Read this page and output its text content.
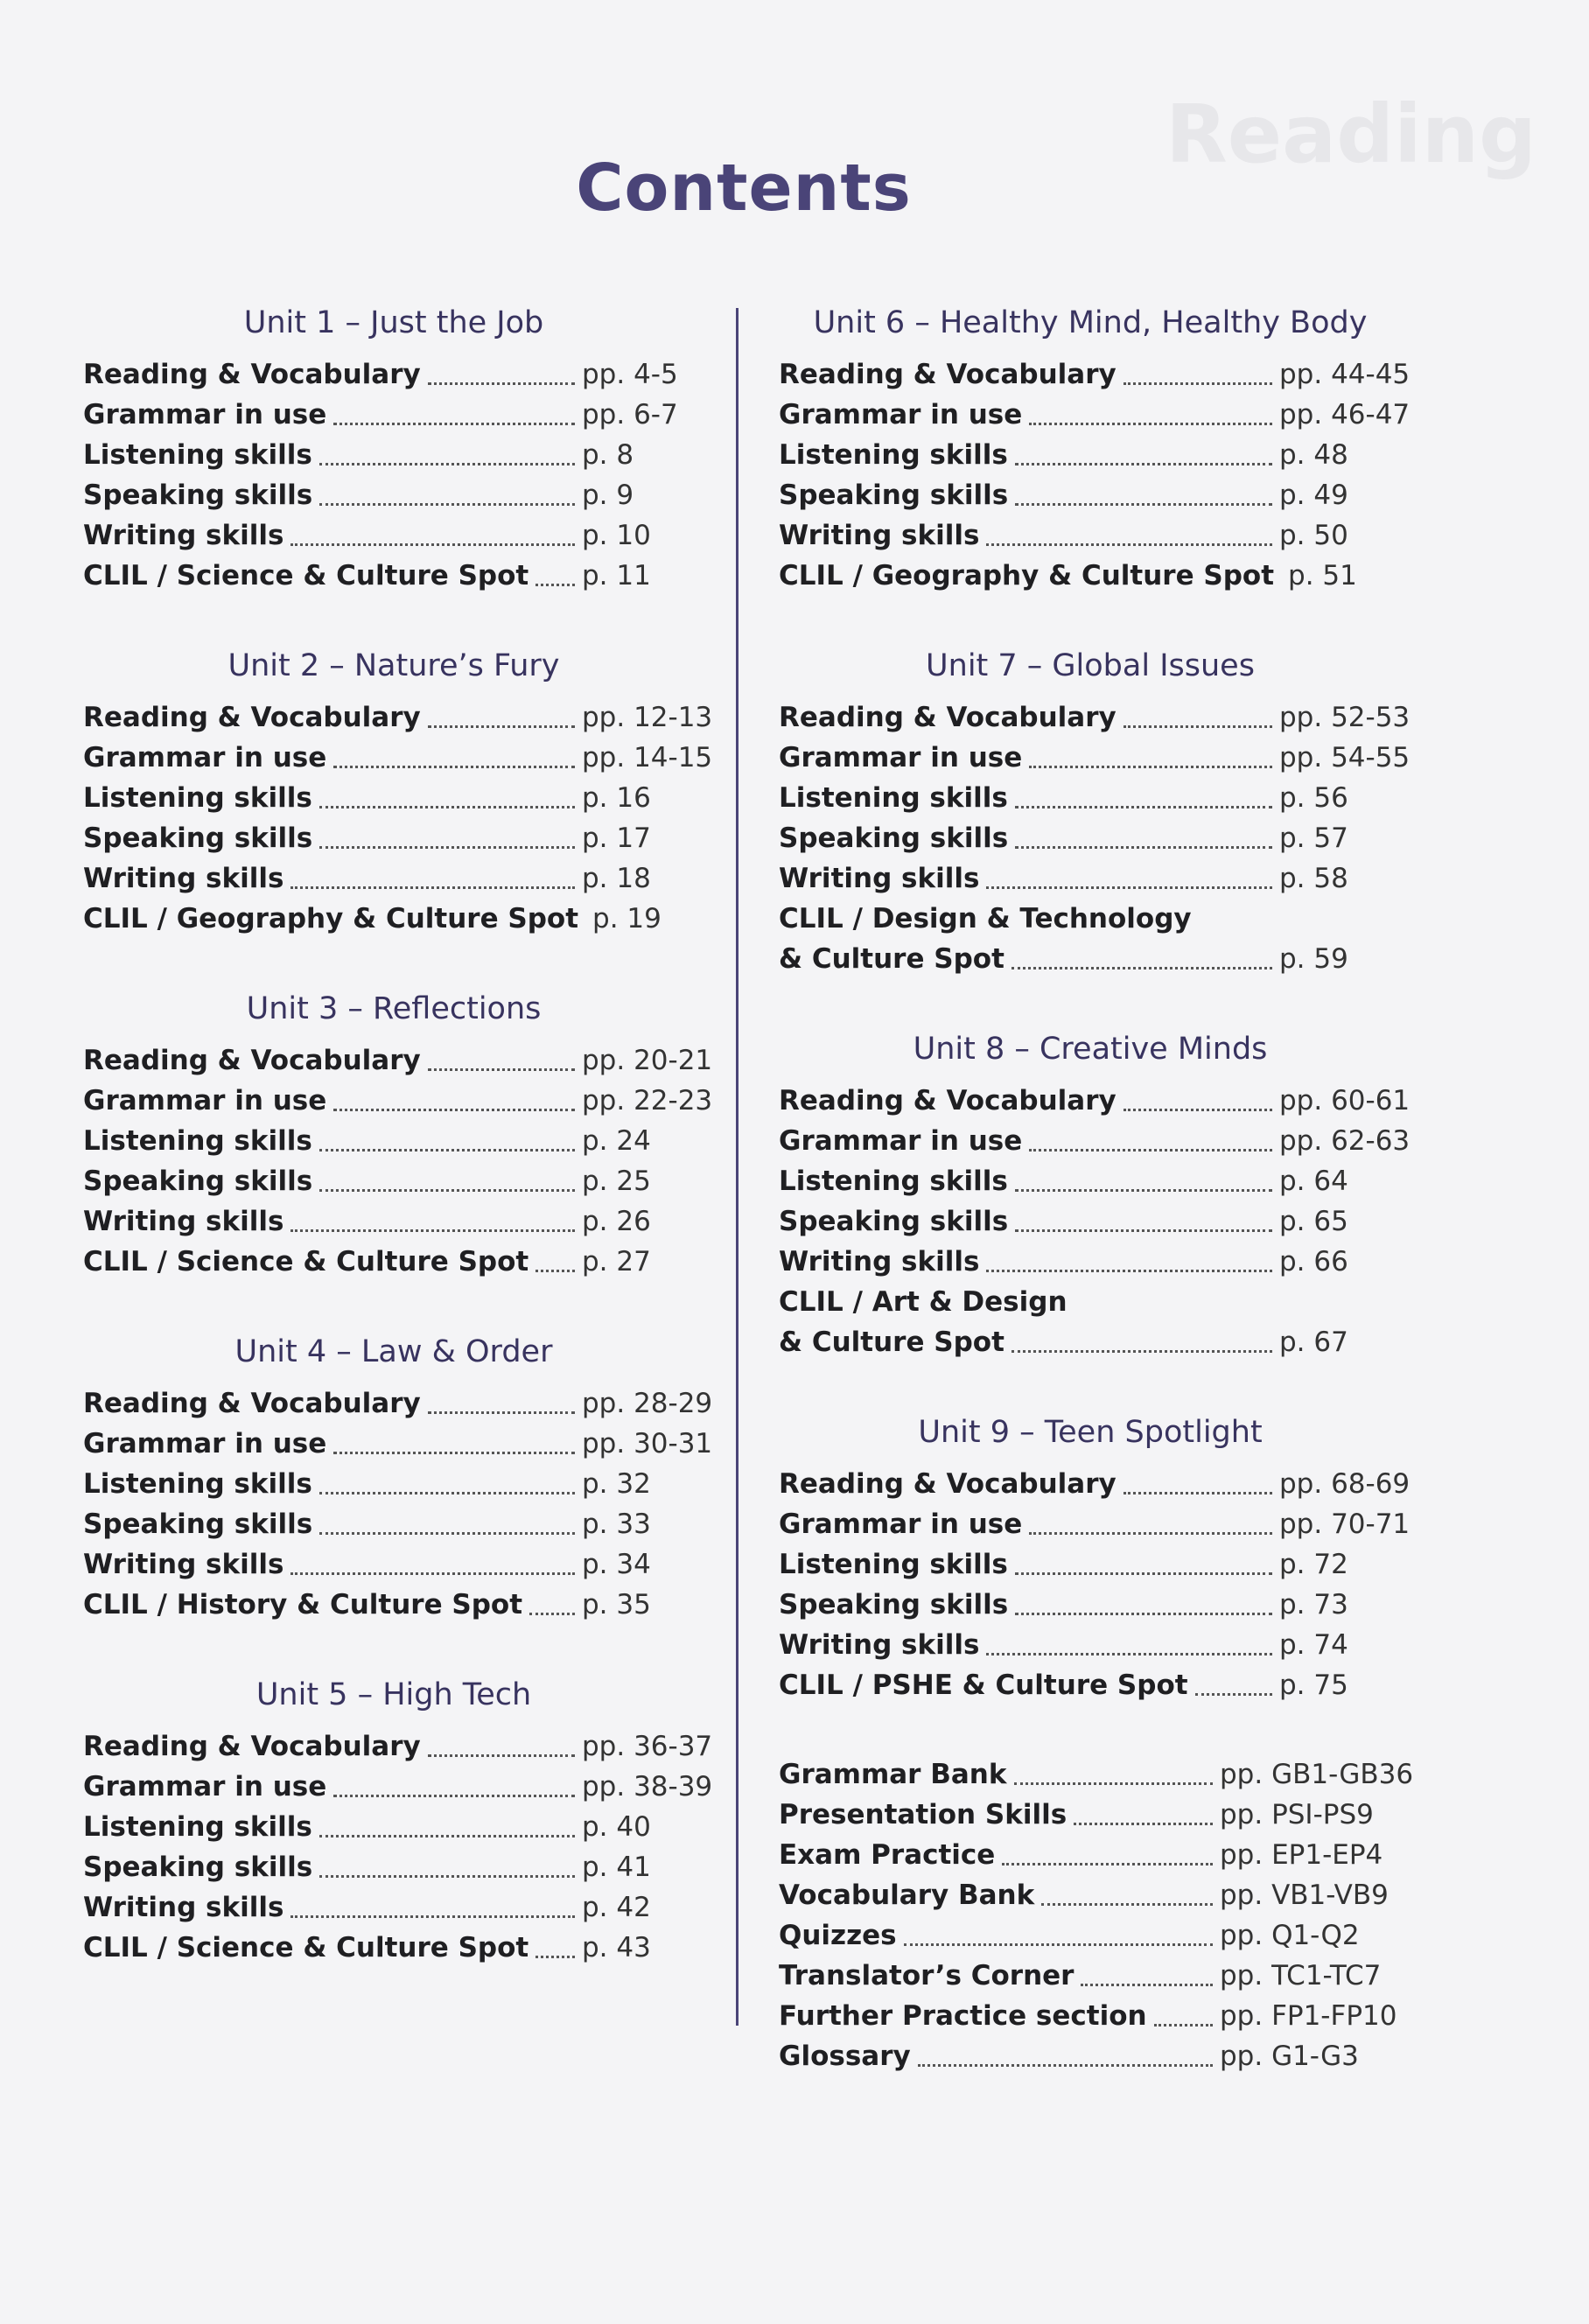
Reading
Contents
Unit 1 – Just the Job
Reading & Vocabulary	pp. 4-5
Grammar in use	pp. 6-7
Listening skills	p. 8
Speaking skills	p. 9
Writing skills	p. 10
CLIL / Science & Culture Spot p. 11
Unit 2 – Nature’s Fury
Reading & Vocabulary	pp. 12-13
Grammar in use	pp. 14-15
Listening skills	p. 16
Speaking skills	p. 17
Writing skills	p. 18
CLIL / Geography & Culture Spot p. 19
Unit 3 – Reflections
Reading & Vocabulary	pp. 20-21
Grammar in use	pp. 22-23
Listening skills	p. 24
Speaking skills	p. 25
Writing skills	p. 26
CLIL / Science & Culture Spot p. 27
Unit 4 – Law & Order
Reading & Vocabulary	pp. 28-29
Grammar in use	pp. 30-31
Listening skills	p. 32
Speaking skills	p. 33
Writing skills	p. 34
CLIL / History & Culture Spot p. 35
Unit 5 – High Tech
Reading & Vocabulary	pp. 36-37
Grammar in use	pp. 38-39
Listening skills	p. 40
Speaking skills	p. 41
Writing skills	p. 42
CLIL / Science & Culture Spot p. 43
Unit 6 – Healthy Mind, Healthy Body
Reading & Vocabulary	pp. 44-45
Grammar in use	pp. 46-47
Listening skills	p. 48
Speaking skills	p. 49
Writing skills	p. 50
CLIL / Geography & Culture Spot p. 51
Unit 7 – Global Issues
Reading & Vocabulary	pp. 52-53
Grammar in use	pp. 54-55
Listening skills	p. 56
Speaking skills	p. 57
Writing skills	p. 58
CLIL / Design & Technology
& Culture Spot	p. 59
Unit 8 – Creative Minds
Reading & Vocabulary	pp. 60-61
Grammar in use	pp. 62-63
Listening skills	p. 64
Speaking skills	p. 65
Writing skills	p. 66
CLIL / Art & Design
& Culture Spot	p. 67
Unit 9 – Teen Spotlight
Reading & Vocabulary	pp. 68-69
Grammar in use	pp. 70-71
Listening skills	p. 72
Speaking skills	p. 73
Writing skills	p. 74
CLIL / PSHE & Culture Spot	p. 75
Grammar Bank	pp. GB1-GB36
Presentation Skills	pp. PSI-PS9
Exam Practice	pp. EP1-EP4
Vocabulary Bank	pp. VB1-VB9
Quizzes	pp. Q1-Q2
Translator’s Corner	pp. TC1-TC7
Further Practice section	pp. FP1-FP10
Glossary	pp. G1-G3
